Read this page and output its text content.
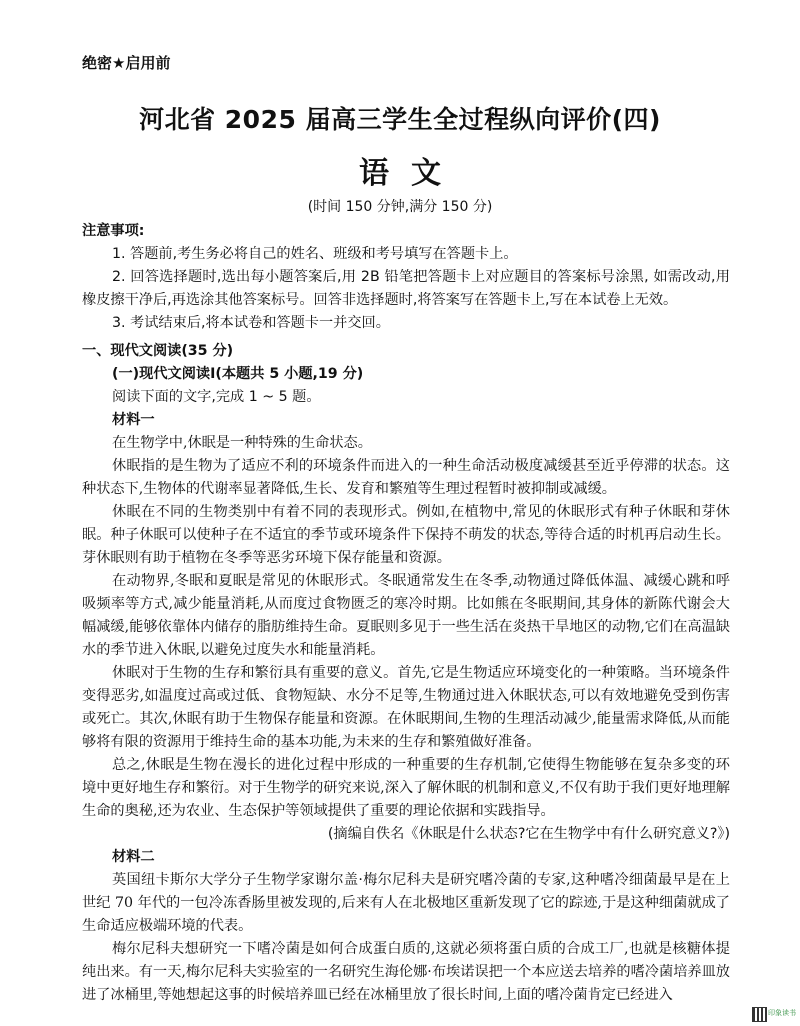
绝密★启用前
河北省 2025 届高三学生全过程纵向评价(四)
语文
(时间 150 分钟,满分 150 分)

注意事项:

1. 答题前,考生务必将自己的姓名、班级和考号填写在答题卡上。

2. 回答选择题时,选出每小题答案后,用 2B 铅笔把答题卡上对应题目的答案标号涂黑, 如需改动,用橡皮擦干净后,再选涂其他答案标号。回答非选择题时,将答案写在答题卡上,写在本试卷上无效。

3. 考试结束后,将本试卷和答题卡一并交回。

一、现代文阅读(35 分)

(一)现代文阅读Ⅰ(本题共 5 小题,19 分)

阅读下面的文字,完成 1 ~ 5 题。

材料一

在生物学中,休眠是一种特殊的生命状态。

休眠指的是生物为了适应不利的环境条件而进入的一种生命活动极度减缓甚至近乎停滞的状态。这种状态下,生物体的代谢率显著降低,生长、发育和繁殖等生理过程暂时被抑制或减缓。

休眠在不同的生物类别中有着不同的表现形式。例如,在植物中,常见的休眠形式有种子休眠和芽休眠。种子休眠可以使种子在不适宜的季节或环境条件下保持不萌发的状态,等待合适的时机再启动生长。芽休眠则有助于植物在冬季等恶劣环境下保存能量和资源。

在动物界,冬眠和夏眠是常见的休眠形式。冬眠通常发生在冬季,动物通过降低体温、减缓心跳和呼吸频率等方式,减少能量消耗,从而度过食物匮乏的寒冷时期。比如熊在冬眠期间,其身体的新陈代谢会大幅减缓,能够依靠体内储存的脂肪维持生命。夏眠则多见于一些生活在炎热干旱地区的动物,它们在高温缺水的季节进入休眠,以避免过度失水和能量消耗。

休眠对于生物的生存和繁衍具有重要的意义。首先,它是生物适应环境变化的一种策略。当环境条件变得恶劣,如温度过高或过低、食物短缺、水分不足等,生物通过进入休眠状态,可以有效地避免受到伤害或死亡。其次,休眠有助于生物保存能量和资源。在休眠期间,生物的生理活动减少,能量需求降低,从而能够将有限的资源用于维持生命的基本功能,为未来的生存和繁殖做好准备。

总之,休眠是生物在漫长的进化过程中形成的一种重要的生存机制,它使得生物能够在复杂多变的环境中更好地生存和繁衍。对于生物学的研究来说,深入了解休眠的机制和意义,不仅有助于我们更好地理解生命的奥秘,还为农业、生态保护等领域提供了重要的理论依据和实践指导。

(摘编自佚名《休眠是什么状态?它在生物学中有什么研究意义?》)

材料二

英国纽卡斯尔大学分子生物学家谢尔盖·梅尔尼科夫是研究嗜冷菌的专家,这种嗜冷细菌最早是在上世纪 70 年代的一包冷冻香肠里被发现的,后来有人在北极地区重新发现了它的踪迹,于是这种细菌就成了生命适应极端环境的代表。

梅尔尼科夫想研究一下嗜冷菌是如何合成蛋白质的,这就必须将蛋白质的合成工厂,也就是核糖体提纯出来。有一天,梅尔尼科夫实验室的一名研究生海伦娜·布埃诺误把一个本应送去培养的嗜冷菌培养皿放进了冰桶里,等她想起这事的时候培养皿已经在冰桶里放了很长时间,上面的嗜冷菌肯定已经进入

印象读书
